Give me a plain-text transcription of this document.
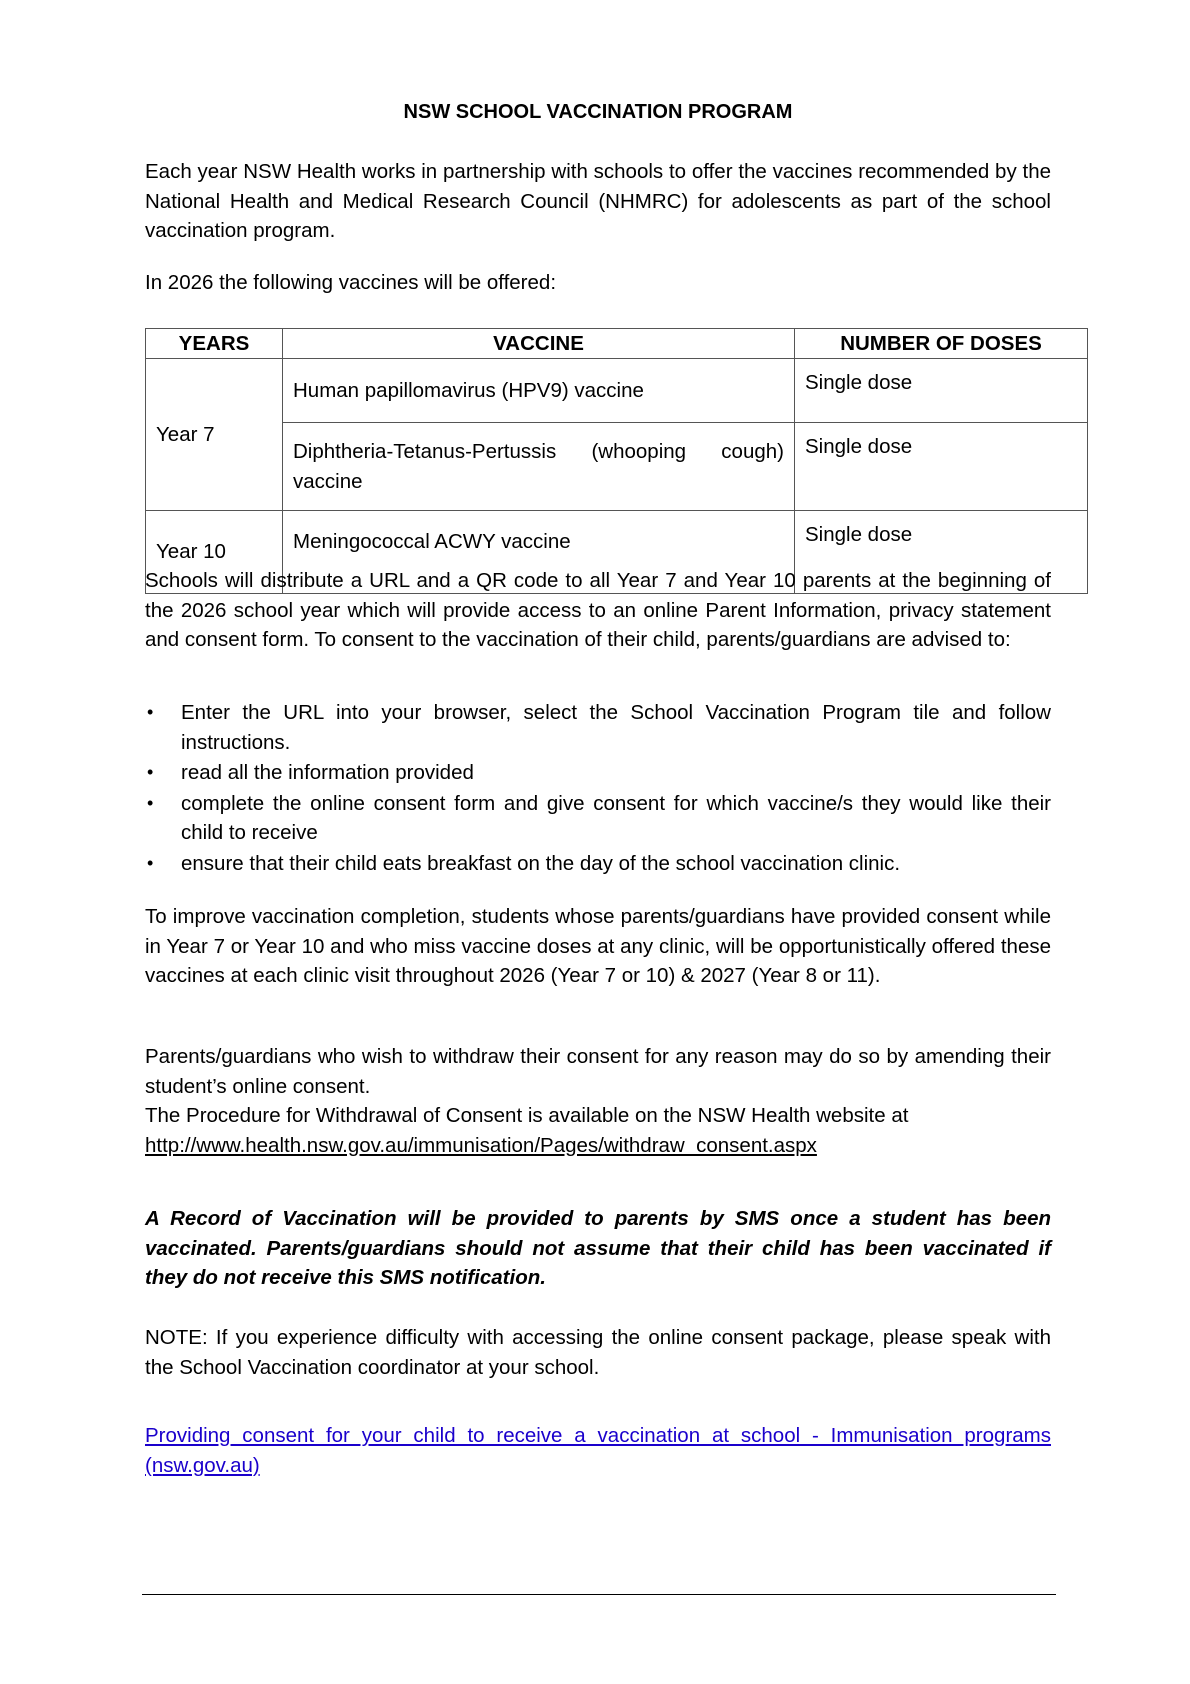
NSW SCHOOL VACCINATION PROGRAM

Each year NSW Health works in partnership with schools to offer the vaccines recommended by the National Health and Medical Research Council (NHMRC) for adolescents as part of the school vaccination program.

In 2026 the following vaccines will be offered:

YEARS	VACCINE	NUMBER OF DOSES
Year 7	Human papillomavirus (HPV9) vaccine	Single dose
	Diphtheria-Tetanus-Pertussis (whooping cough) vaccine	Single dose
Year 10	Meningococcal ACWY vaccine	Single dose

Schools will distribute a URL and a QR code to all Year 7 and Year 10 parents at the beginning of the 2026 school year which will provide access to an online Parent Information, privacy statement and consent form. To consent to the vaccination of their child, parents/guardians are advised to:

• Enter the URL into your browser, select the School Vaccination Program tile and follow instructions.
• read all the information provided
• complete the online consent form and give consent for which vaccine/s they would like their child to receive
• ensure that their child eats breakfast on the day of the school vaccination clinic.

To improve vaccination completion, students whose parents/guardians have provided consent while in Year 7 or Year 10 and who miss vaccine doses at any clinic, will be opportunistically offered these vaccines at each clinic visit throughout 2026 (Year 7 or 10) & 2027 (Year 8 or 11).

Parents/guardians who wish to withdraw their consent for any reason may do so by amending their student’s online consent.
The Procedure for Withdrawal of Consent is available on the NSW Health website at
http://www.health.nsw.gov.au/immunisation/Pages/withdraw_consent.aspx

A Record of Vaccination will be provided to parents by SMS once a student has been vaccinated. Parents/guardians should not assume that their child has been vaccinated if they do not receive this SMS notification.

NOTE: If you experience difficulty with accessing the online consent package, please speak with the School Vaccination coordinator at your school.

Providing consent for your child to receive a vaccination at school - Immunisation programs (nsw.gov.au)
